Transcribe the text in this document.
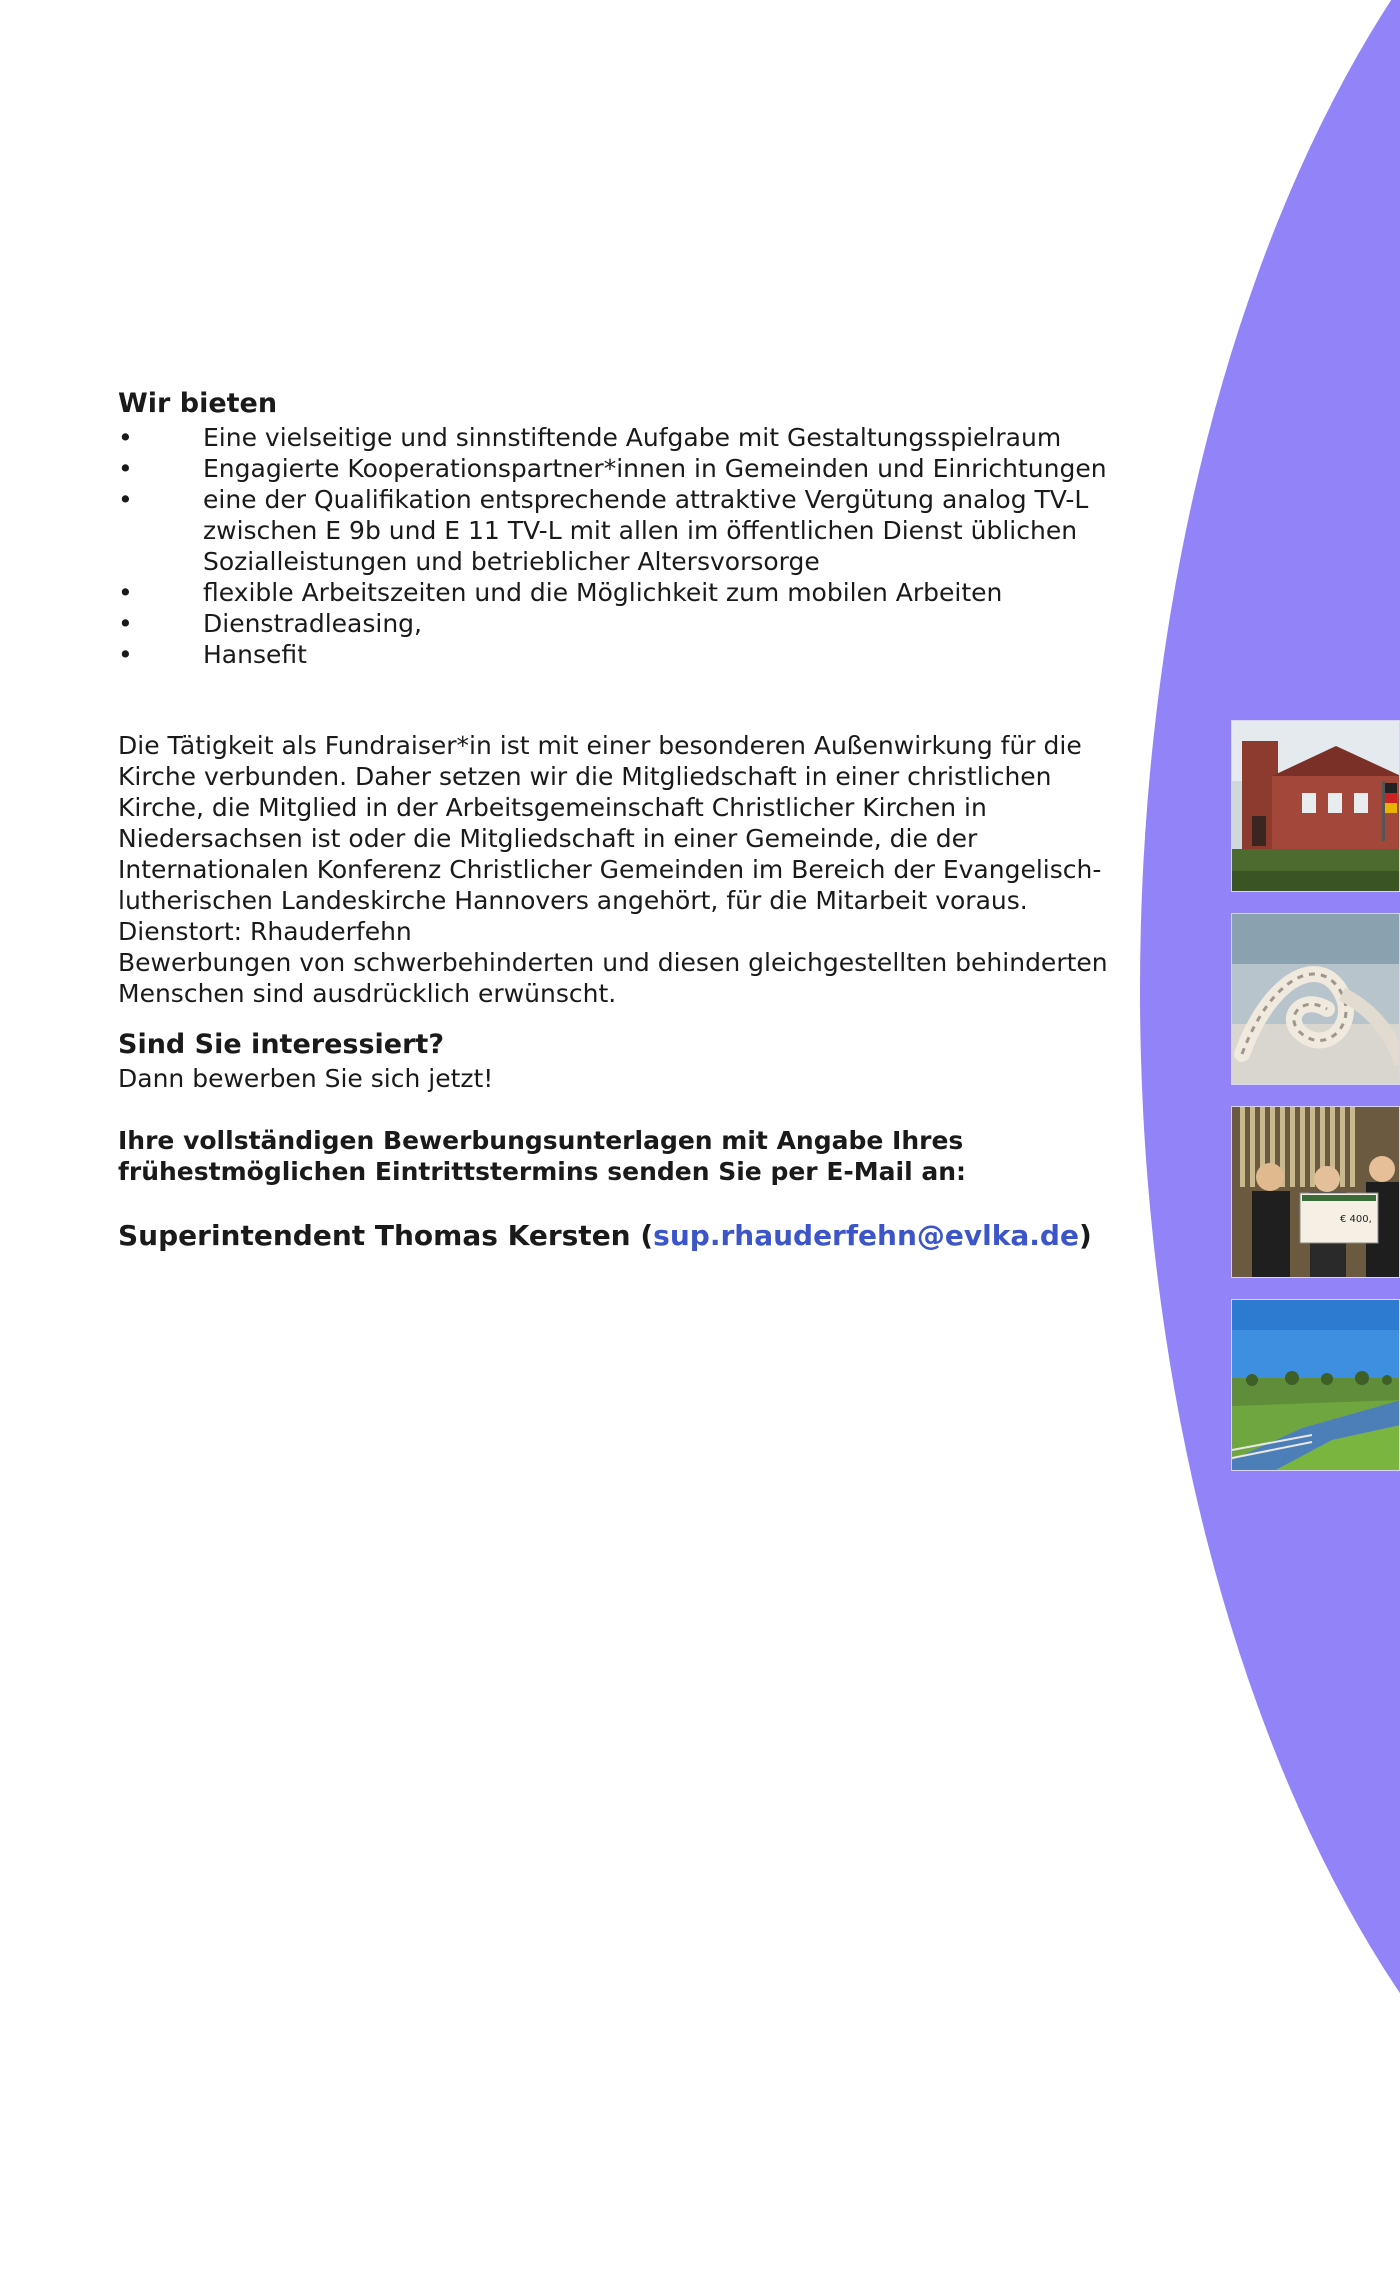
Wir bieten
•	Eine vielseitige und sinnstiftende Aufgabe mit Gestaltungsspielraum
•	Engagierte Kooperationspartner*innen in Gemeinden und Einrichtungen
•	eine der Qualifikation entsprechende attraktive Vergütung analog TV-L zwischen E 9b und E 11 TV-L mit allen im öffentlichen Dienst üblichen Sozialleistungen und betrieblicher Altersvorsorge
•	flexible Arbeitszeiten und die Möglichkeit zum mobilen Arbeiten
•	Dienstradleasing,
•	Hansefit
Die Tätigkeit als Fundraiser*in ist mit einer besonderen Außenwirkung für die Kirche verbunden. Daher setzen wir die Mitgliedschaft in einer christlichen Kirche, die Mitglied in der Arbeitsgemeinschaft Christlicher Kirchen in Niedersachsen ist oder die Mitgliedschaft in einer Gemeinde, die der Internationalen Konferenz Christlicher Gemeinden im Bereich der Evangelisch-lutherischen Landeskirche Hannovers angehört, für die Mitarbeit voraus.
Dienstort: Rhauderfehn
Bewerbungen von schwerbehinderten und diesen gleichgestellten behinderten Menschen sind ausdrücklich erwünscht.
Sind Sie interessiert?
Dann bewerben Sie sich jetzt!
Ihre vollständigen Bewerbungsunterlagen mit Angabe Ihres frühestmöglichen Eintrittstermins senden Sie per E-Mail an:
Superintendent Thomas Kersten (sup.rhauderfehn@evlka.de)	€ 400,
